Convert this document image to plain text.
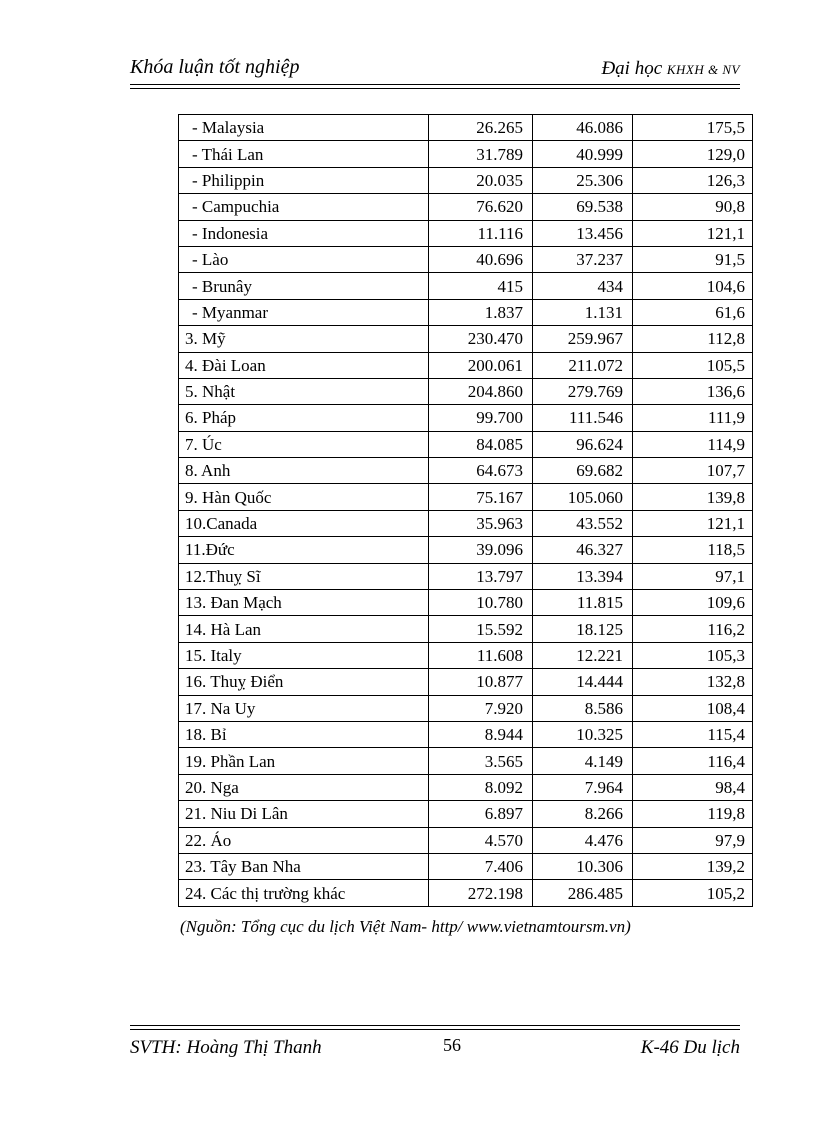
Khóa luận tốt nghiệp	Đại học KHXH & NV
- Malaysia	26.265	46.086	175,5
- Thái Lan	31.789	40.999	129,0
- Philippin	20.035	25.306	126,3
- Campuchia	76.620	69.538	90,8
- Indonesia	11.116	13.456	121,1
- Lào	40.696	37.237	91,5
- Brunây	415	434	104,6
- Myanmar	1.837	1.131	61,6
3. Mỹ	230.470	259.967	112,8
4. Đài Loan	200.061	211.072	105,5
5. Nhật	204.860	279.769	136,6
6. Pháp	99.700	111.546	111,9
7. Úc	84.085	96.624	114,9
8. Anh	64.673	69.682	107,7
9. Hàn Quốc	75.167	105.060	139,8
10.Canada	35.963	43.552	121,1
11.Đức	39.096	46.327	118,5
12.Thuỵ Sĩ	13.797	13.394	97,1
13. Đan Mạch	10.780	11.815	109,6
14. Hà Lan	15.592	18.125	116,2
15. Italy	11.608	12.221	105,3
16. Thuỵ Điển	10.877	14.444	132,8
17. Na Uy	7.920	8.586	108,4
18. Bỉ	8.944	10.325	115,4
19. Phần Lan	3.565	4.149	116,4
20. Nga	8.092	7.964	98,4
21. Niu Di Lân	6.897	8.266	119,8
22. Áo	4.570	4.476	97,9
23. Tây Ban Nha	7.406	10.306	139,2
24. Các thị trường khác	272.198	286.485	105,2
(Nguồn: Tổng cục du lịch Việt Nam- http/ www.vietnamtoursm.vn)
SVTH: Hoàng Thị Thanh	56	K-46 Du lịch
